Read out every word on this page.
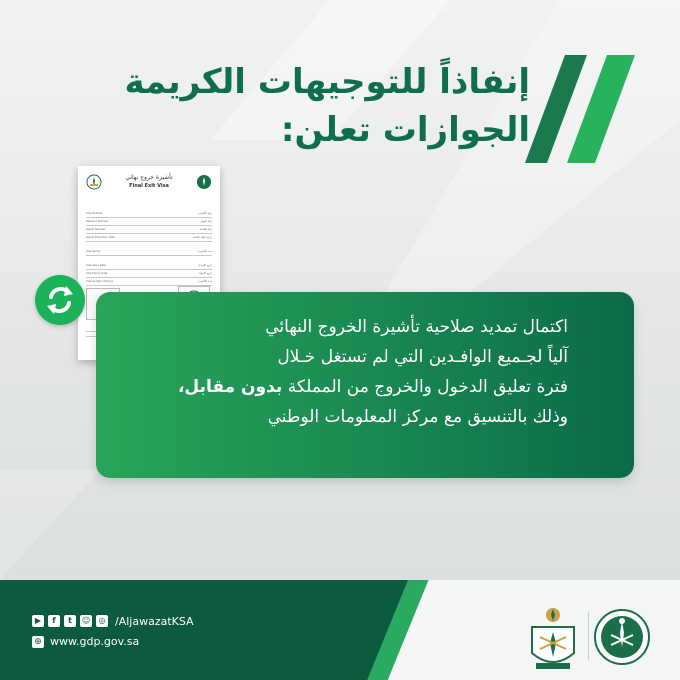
إنفاذاً للتوجيهات الكريمة
الجوازات تعلن:
تأشيرة خروج نهائي
Final Exit Visa
Visa Number	رقم التأشيرة
Passport Number	رقم الجواز
Iqama Number	رقم الإقامة
Iqama Expiration Date	تاريخ انتهاء الإقامة
Visa Period	مدة التأشيرة
Visa Issue Date	تاريخ الإصدار
Visa Expiry Date	تاريخ الانتهاء
Visa Duration (Days)	مدة التأشيرة
اكتمال تمديد صلاحية تأشيرة الخروج النهائي
آلياً لجـميع الوافـدين التي لم تستغل خـلال
فترة تعليق الدخول والخروج من المملكة بدون مقابل،
وذلك بالتنسيق مع مركز المعلومات الوطني
▶	f	t	☺	◎ /AljawazatKSA
⊕ www.gdp.gov.sa
